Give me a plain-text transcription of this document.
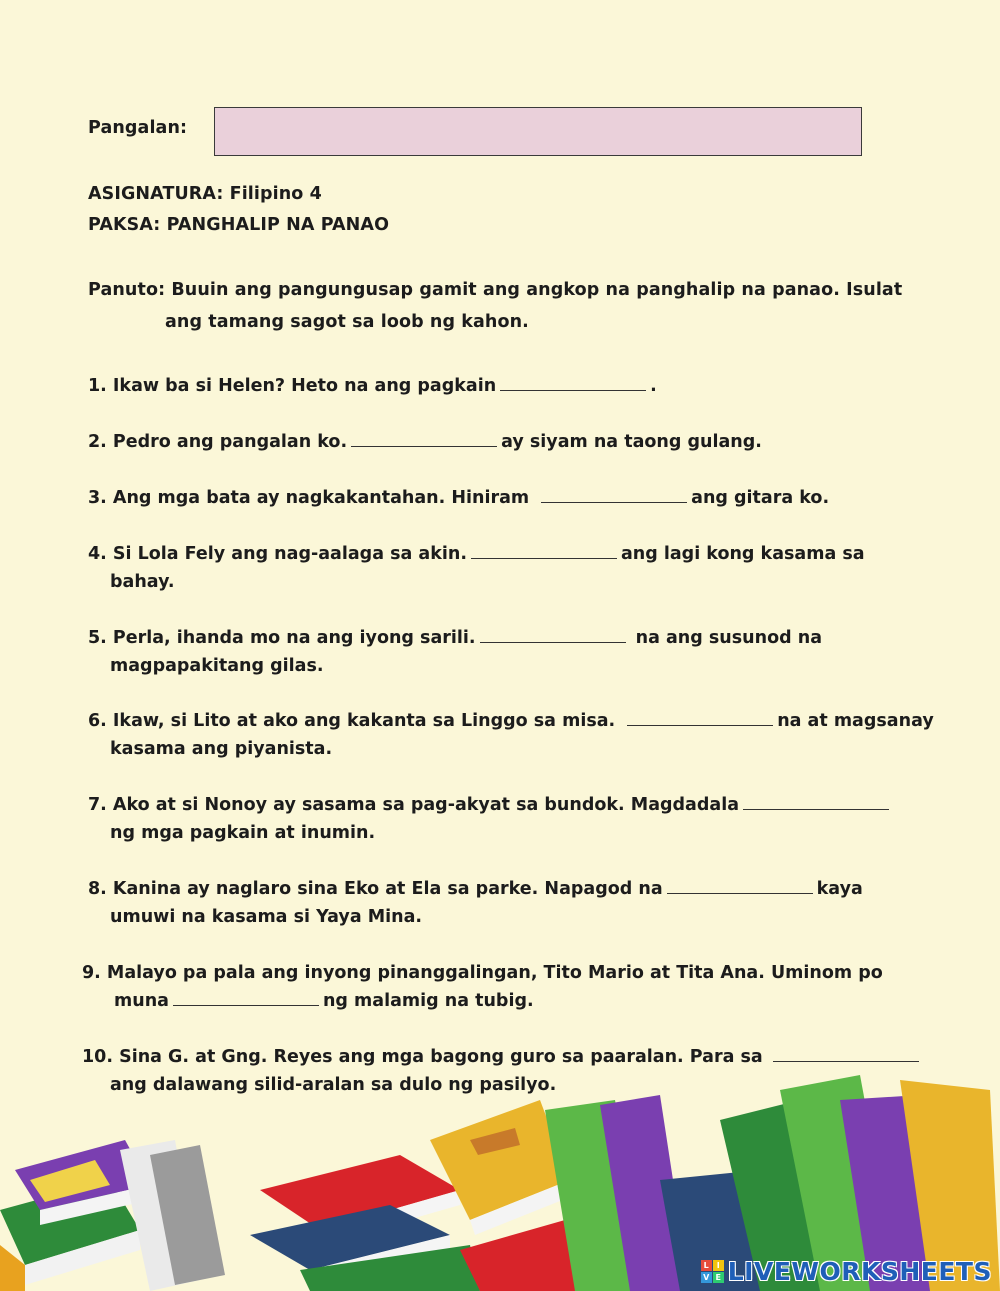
Pangalan:
ASIGNATURA: Filipino 4
PAKSA: PANGHALIP NA PANAO
Panuto: Buuin ang pangungusap gamit ang angkop na panghalip na panao. Isulat
ang tamang sagot sa loob ng kahon.
1. Ikaw ba si Helen? Heto na ang pagkain	.
2. Pedro ang pangalan ko.	ay siyam na taong gulang.
3. Ang mga bata ay nagkakantahan. Hiniram	ang gitara ko.
4. Si Lola Fely ang nag-aalaga sa akin.	ang lagi kong kasama sa
bahay.
5. Perla, ihanda mo na ang iyong sarili.	na ang susunod na
magpapakitang gilas.
6. Ikaw, si Lito at ako ang kakanta sa Linggo sa misa.	na at magsanay
kasama ang piyanista.
7. Ako at si Nonoy ay sasama sa pag-akyat sa bundok. Magdadala
ng mga pagkain at inumin.
8. Kanina ay naglaro sina Eko at Ela sa parke. Napagod na	kaya
umuwi na kasama si Yaya Mina.
9. Malayo pa pala ang inyong pinanggalingan, Tito Mario at Tita Ana. Uminom po
muna	ng malamig na tubig.
10. Sina G. at Gng. Reyes ang mga bagong guro sa paaralan. Para sa
ang dalawang silid-aralan sa dulo ng pasilyo.
L I
V E LIVEWORKSHEETS
